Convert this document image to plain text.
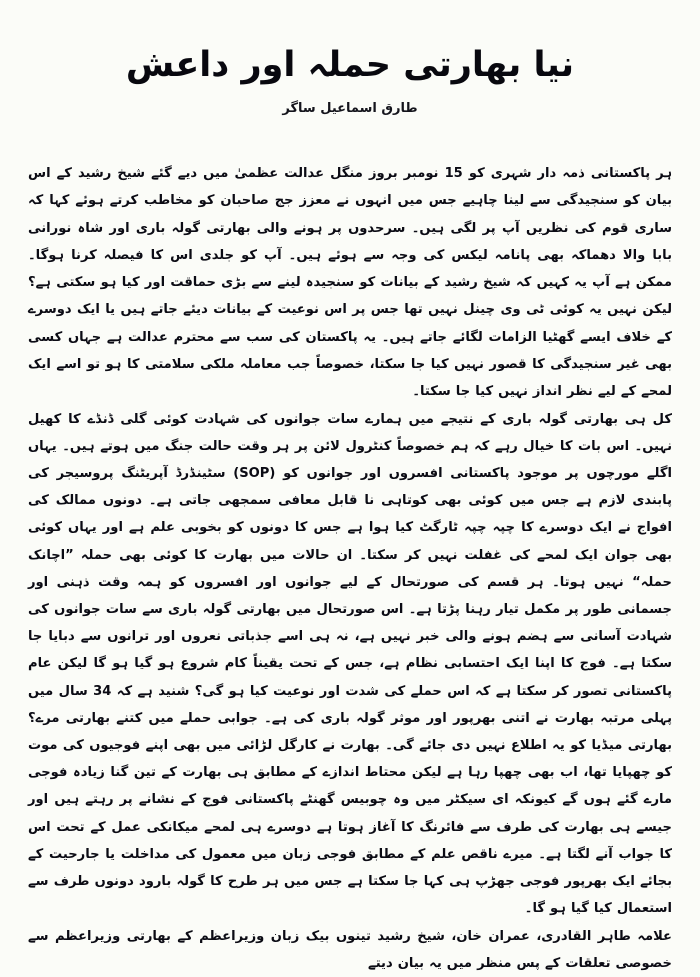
نیا بھارتی حملہ اور داعش
طارق اسماعیل ساگر

ہر پاکستانی ذمہ دار شہری کو 15 نومبر بروز منگل عدالت عظمیٰ میں دیے گئے شیخ رشید کے اس بیان کو سنجیدگی سے لینا چاہیے جس میں انہوں نے معزز جج صاحبان کو مخاطب کرتے ہوئے کہا کہ ساری قوم کی نظریں آپ پر لگی ہیں۔ سرحدوں پر ہونے والی بھارتی گولہ باری اور شاہ نورانی بابا والا دھماکہ بھی پانامہ لیکس کی وجہ سے ہوئے ہیں۔ آپ کو جلدی اس کا فیصلہ کرنا ہوگا۔ ممکن ہے آپ یہ کہیں کہ شیخ رشید کے بیانات کو سنجیدہ لینے سے بڑی حماقت اور کیا ہو سکتی ہے؟ لیکن نہیں یہ کوئی ٹی وی چینل نہیں تھا جس پر اس نوعیت کے بیانات دیئے جاتے ہیں یا ایک دوسرے کے خلاف ایسے گھٹیا الزامات لگائے جاتے ہیں۔ یہ پاکستان کی سب سے محترم عدالت ہے جہاں کسی بھی غیر سنجیدگی کا قصور نہیں کیا جا سکتا، خصوصاً جب معاملہ ملکی سلامتی کا ہو تو اسے ایک لمحے کے لیے نظر انداز نہیں کیا جا سکتا۔

کل ہی بھارتی گولہ باری کے نتیجے میں ہمارے سات جوانوں کی شہادت کوئی گلی ڈنڈے کا کھیل نہیں۔ اس بات کا خیال رہے کہ ہم خصوصاً کنٹرول لائن پر ہر وقت حالت جنگ میں ہوتے ہیں۔ یہاں اگلے مورچوں پر موجود پاکستانی افسروں اور جوانوں کو (SOP) سٹینڈرڈ آپریٹنگ پروسیجر کی پابندی لازم ہے جس میں کوئی بھی کوتاہی نا قابل معافی سمجھی جاتی ہے۔ دونوں ممالک کی افواج نے ایک دوسرے کا چپہ چپہ ٹارگٹ کیا ہوا ہے جس کا دونوں کو بخوبی علم ہے اور یہاں کوئی بھی جوان ایک لمحے کی غفلت نہیں کر سکتا۔ ان حالات میں بھارت کا کوئی بھی حملہ ”اچانک حملہ“ نہیں ہوتا۔ ہر قسم کی صورتحال کے لیے جوانوں اور افسروں کو ہمہ وقت ذہنی اور جسمانی طور پر مکمل تیار رہنا پڑتا ہے۔ اس صورتحال میں بھارتی گولہ باری سے سات جوانوں کی شہادت آسانی سے ہضم ہونے والی خبر نہیں ہے، نہ ہی اسے جذباتی نعروں اور ترانوں سے دبایا جا سکتا ہے۔ فوج کا اپنا ایک احتسابی نظام ہے، جس کے تحت یقیناً کام شروع ہو گیا ہو گا لیکن عام پاکستانی تصور کر سکتا ہے کہ اس حملے کی شدت اور نوعیت کیا ہو گی؟ شنید ہے کہ 34 سال میں پہلی مرتبہ بھارت نے اتنی بھرپور اور موثر گولہ باری کی ہے۔ جوابی حملے میں کتنے بھارتی مرے؟ بھارتی میڈیا کو یہ اطلاع نہیں دی جائے گی۔ بھارت نے کارگل لڑائی میں بھی اپنے فوجیوں کی موت کو چھپایا تھا، اب بھی چھپا رہا ہے لیکن محتاط اندازے کے مطابق ہی بھارت کے تین گنا زیادہ فوجی مارے گئے ہوں گے کیونکہ ای سیکٹر میں وہ چوبیس گھنٹے پاکستانی فوج کے نشانے پر رہتے ہیں اور جیسے ہی بھارت کی طرف سے فائرنگ کا آغاز ہوتا ہے دوسرے ہی لمحے میکانکی عمل کے تحت اس کا جواب آنے لگتا ہے۔ میرے ناقص علم کے مطابق فوجی زبان میں معمول کی مداخلت یا جارحیت کے بجائے ایک بھرپور فوجی جھڑپ ہی کہا جا سکتا ہے جس میں ہر طرح کا گولہ بارود دونوں طرف سے استعمال کیا گیا ہو گا۔

علامہ طاہر القادری، عمران خان، شیخ رشید تینوں بیک زبان وزیراعظم کے بھارتی وزیراعظم سے خصوصی تعلقات کے پس منظر میں یہ بیان دیتے
